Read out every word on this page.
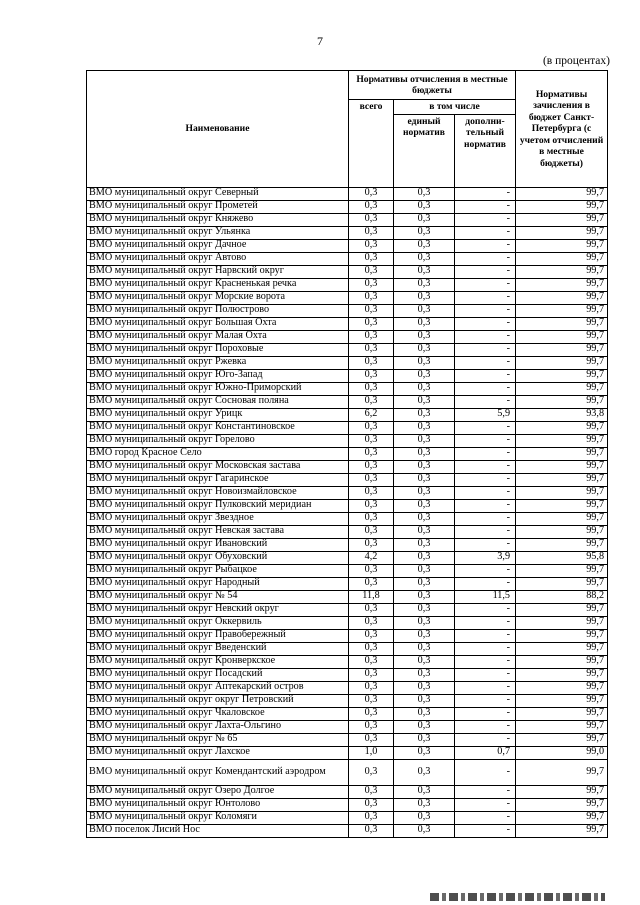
7
(в процентах)
Наименование	Нормативы отчисления в местные бюджеты			Нормативы зачисления в бюджет Санкт-Петербурга (с учетом отчислений в местные бюджеты)
	всего	в том числе		
		единый норматив	дополни-тельный норматив	
ВМО муниципальный округ Северный	0,3	0,3	-	99,7
ВМО муниципальный округ Прометей	0,3	0,3	-	99,7
ВМО муниципальный округ Княжево	0,3	0,3	-	99,7
ВМО муниципальный округ Ульянка	0,3	0,3	-	99,7
ВМО муниципальный округ Дачное	0,3	0,3	-	99,7
ВМО муниципальный округ Автово	0,3	0,3	-	99,7
ВМО муниципальный округ Нарвский округ	0,3	0,3	-	99,7
ВМО муниципальный округ Красненькая речка	0,3	0,3	-	99,7
ВМО муниципальный округ Морские ворота	0,3	0,3	-	99,7
ВМО муниципальный округ Полюстрово	0,3	0,3	-	99,7
ВМО муниципальный округ Большая Охта	0,3	0,3	-	99,7
ВМО муниципальный округ Малая Охта	0,3	0,3	-	99,7
ВМО муниципальный округ Пороховые	0,3	0,3	-	99,7
ВМО муниципальный округ Ржевка	0,3	0,3	-	99,7
ВМО муниципальный округ Юго-Запад	0,3	0,3	-	99,7
ВМО муниципальный округ Южно-Приморский	0,3	0,3	-	99,7
ВМО муниципальный округ Сосновая поляна	0,3	0,3	-	99,7
ВМО муниципальный округ Урицк	6,2	0,3	5,9	93,8
ВМО муниципальный округ Константиновское	0,3	0,3	-	99,7
ВМО муниципальный округ Горелово	0,3	0,3	-	99,7
ВМО город Красное Село	0,3	0,3	-	99,7
ВМО муниципальный округ Московская застава	0,3	0,3	-	99,7
ВМО муниципальный округ Гагаринское	0,3	0,3	-	99,7
ВМО муниципальный округ Новоизмайловское	0,3	0,3	-	99,7
ВМО муниципальный округ Пулковский меридиан	0,3	0,3	-	99,7
ВМО муниципальный округ Звездное	0,3	0,3	-	99,7
ВМО муниципальный округ Невская застава	0,3	0,3	-	99,7
ВМО муниципальный округ Ивановский	0,3	0,3	-	99,7
ВМО муниципальный округ Обуховский	4,2	0,3	3,9	95,8
ВМО муниципальный округ Рыбацкое	0,3	0,3	-	99,7
ВМО муниципальный округ Народный	0,3	0,3	-	99,7
ВМО муниципальный округ № 54	11,8	0,3	11,5	88,2
ВМО муниципальный округ Невский округ	0,3	0,3	-	99,7
ВМО муниципальный округ Оккервиль	0,3	0,3	-	99,7
ВМО муниципальный округ Правобережный	0,3	0,3	-	99,7
ВМО муниципальный округ Введенский	0,3	0,3	-	99,7
ВМО муниципальный округ Кронверкское	0,3	0,3	-	99,7
ВМО муниципальный округ Посадский	0,3	0,3	-	99,7
ВМО муниципальный округ Аптекарский остров	0,3	0,3	-	99,7
ВМО муниципальный округ округ Петровский	0,3	0,3	-	99,7
ВМО муниципальный округ Чкаловское	0,3	0,3	-	99,7
ВМО муниципальный округ Лахта-Ольгино	0,3	0,3	-	99,7
ВМО муниципальный округ № 65	0,3	0,3	-	99,7
ВМО муниципальный округ Лахское	1,0	0,3	0,7	99,0
ВМО муниципальный округ Комендантский аэродром	0,3	0,3	-	99,7
ВМО муниципальный округ Озеро Долгое	0,3	0,3	-	99,7
ВМО муниципальный округ Юнтолово	0,3	0,3	-	99,7
ВМО муниципальный округ Коломяги	0,3	0,3	-	99,7
ВМО поселок Лисий Нос	0,3	0,3	-	99,7
